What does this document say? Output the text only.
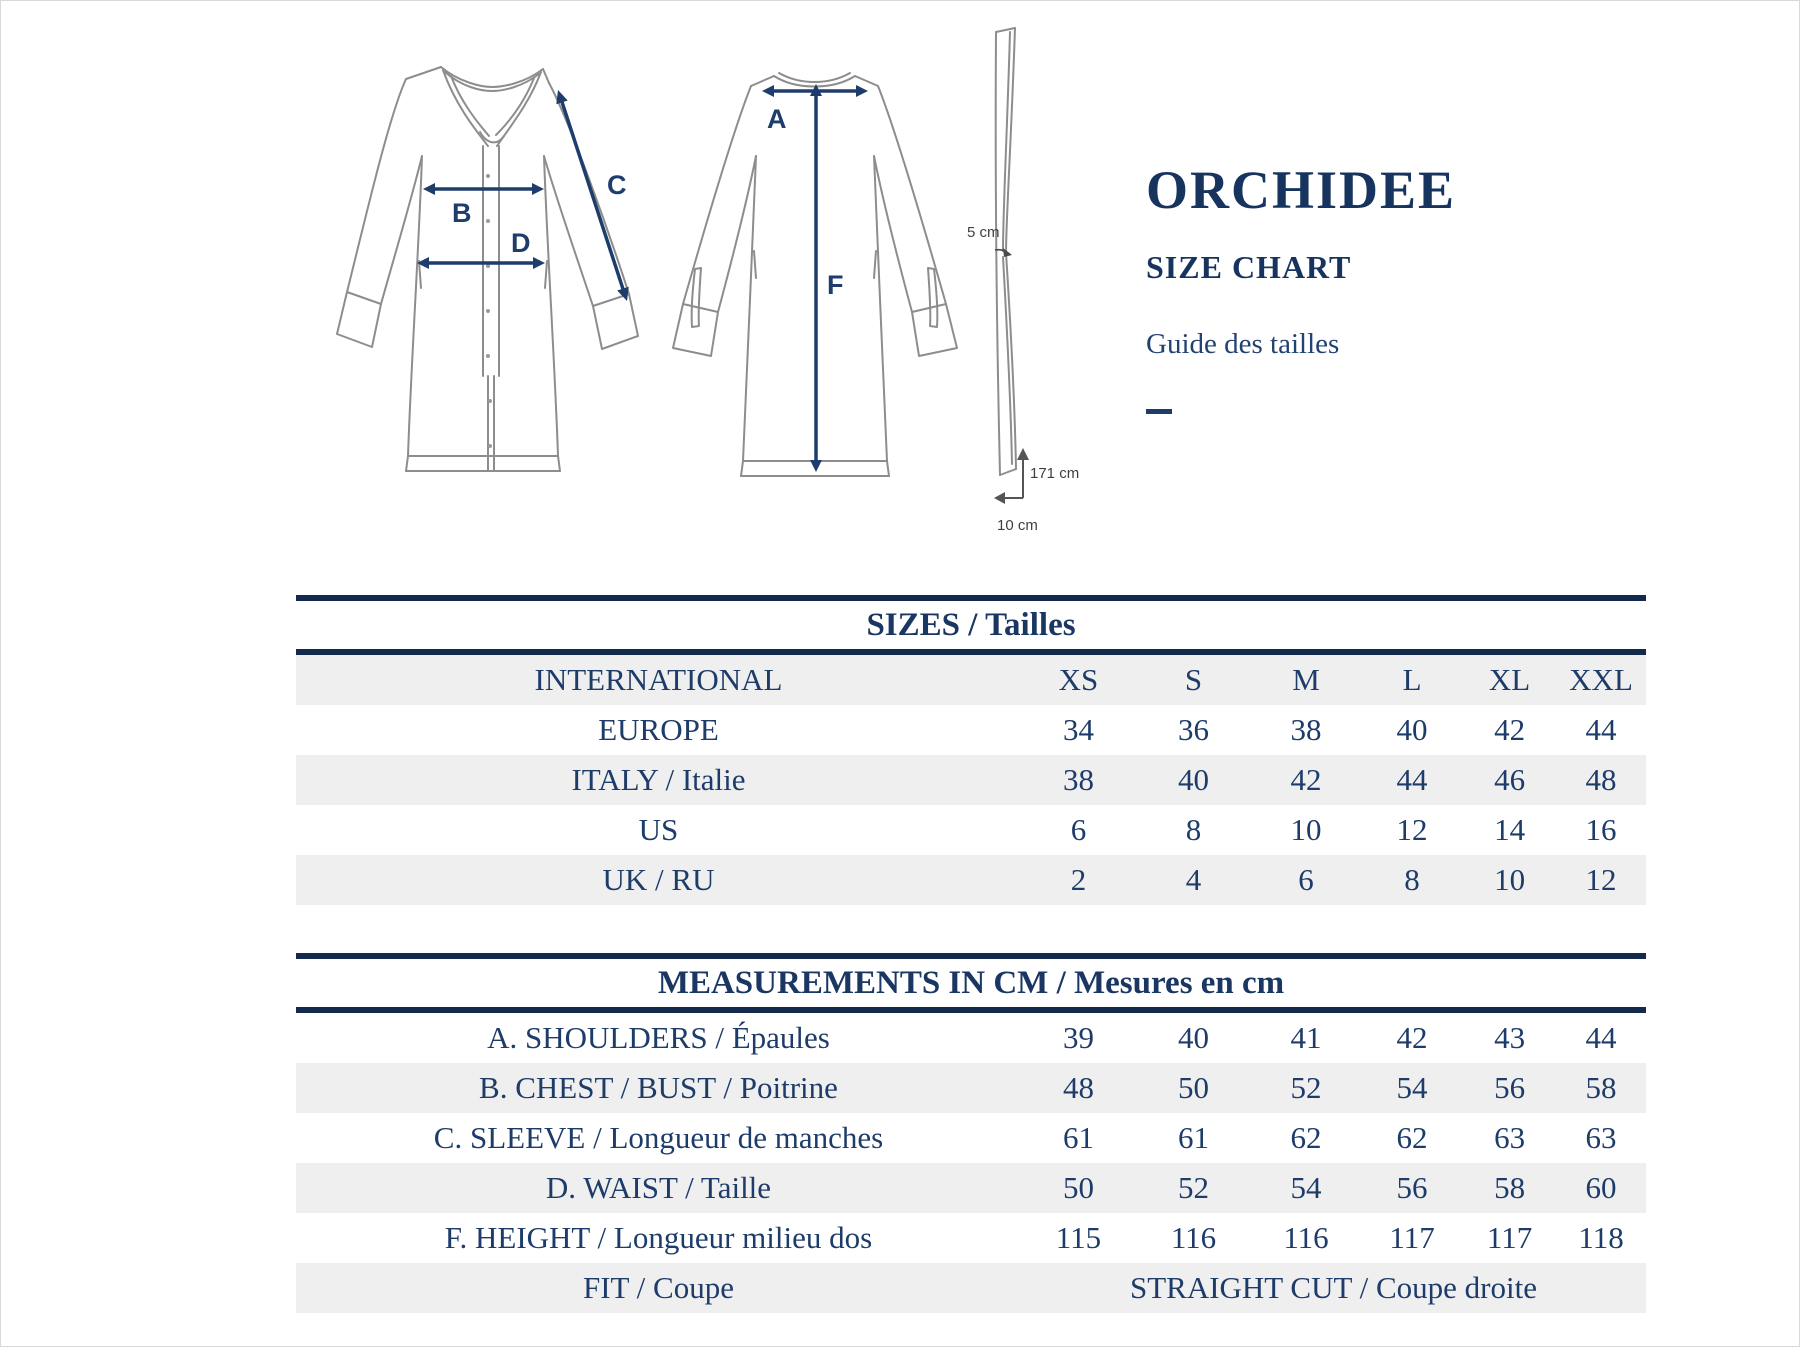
B
D
C
A
F
5 cm
171 cm
10 cm
ORCHIDEE
SIZE CHART
Guide des tailles
SIZES / Tailles
INTERNATIONAL	XS	S	M	L	XL	XXL
EUROPE	34	36	38	40	42	44
ITALY / Italie	38	40	42	44	46	48
US	6	8	10	12	14	16
UK / RU	2	4	6	8	10	12
MEASUREMENTS IN CM / Mesures en cm
A. SHOULDERS / Épaules	39	40	41	42	43	44
B. CHEST / BUST / Poitrine	48	50	52	54	56	58
C. SLEEVE / Longueur de manches	61	61	62	62	63	63
D. WAIST / Taille	50	52	54	56	58	60
F. HEIGHT / Longueur milieu dos	115	116	116	117	117	118
FIT / Coupe	STRAIGHT CUT / Coupe droite					
